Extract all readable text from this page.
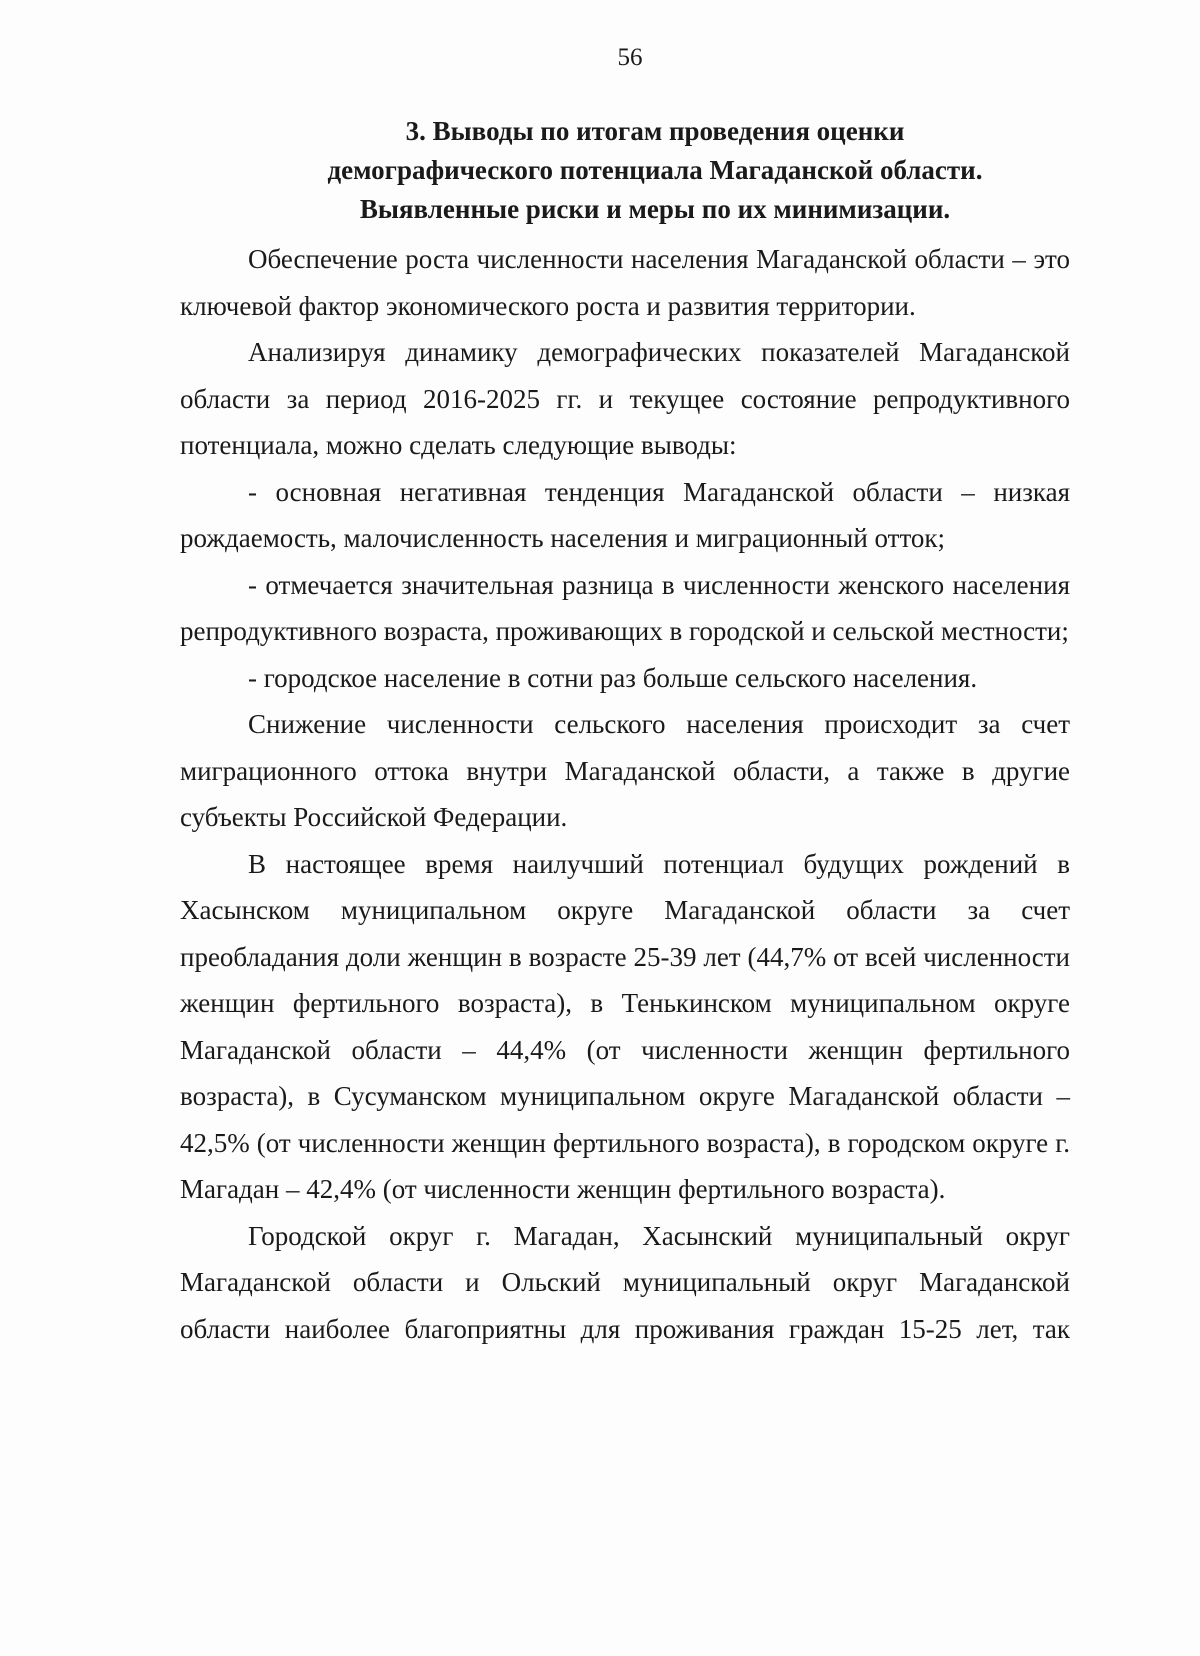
56
3. Выводы по итогам проведения оценки
демографического потенциала Магаданской области.
Выявленные риски и меры по их минимизации.

Обеспечение роста численности населения Магаданской области – это ключевой фактор экономического роста и развития территории.

Анализируя динамику демографических показателей Магаданской области за период 2016-2025 гг. и текущее состояние репродуктивного потенциала, можно сделать следующие выводы:

- основная негативная тенденция Магаданской области – низкая рождаемость, малочисленность населения и миграционный отток;

- отмечается значительная разница в численности женского населения репродуктивного возраста, проживающих в городской и сельской местности;

- городское население в сотни раз больше сельского населения.

Снижение численности сельского населения происходит за счет миграционного оттока внутри Магаданской области, а также в другие субъекты Российской Федерации.

В настоящее время наилучший потенциал будущих рождений в Хасынском муниципальном округе Магаданской области за счет преобладания доли женщин в возрасте 25-39 лет (44,7% от всей численности женщин фертильного возраста), в Тенькинском муниципальном округе Магаданской области – 44,4% (от численности женщин фертильного возраста), в Сусуманском муниципальном округе Магаданской области – 42,5% (от численности женщин фертильного возраста), в городском округе г. Магадан – 42,4% (от численности женщин фертильного возраста).

Городской округ г. Магадан, Хасынский муниципальный округ Магаданской области и Ольский муниципальный округ Магаданской области наиболее благоприятны для проживания граждан 15-25 лет, так
